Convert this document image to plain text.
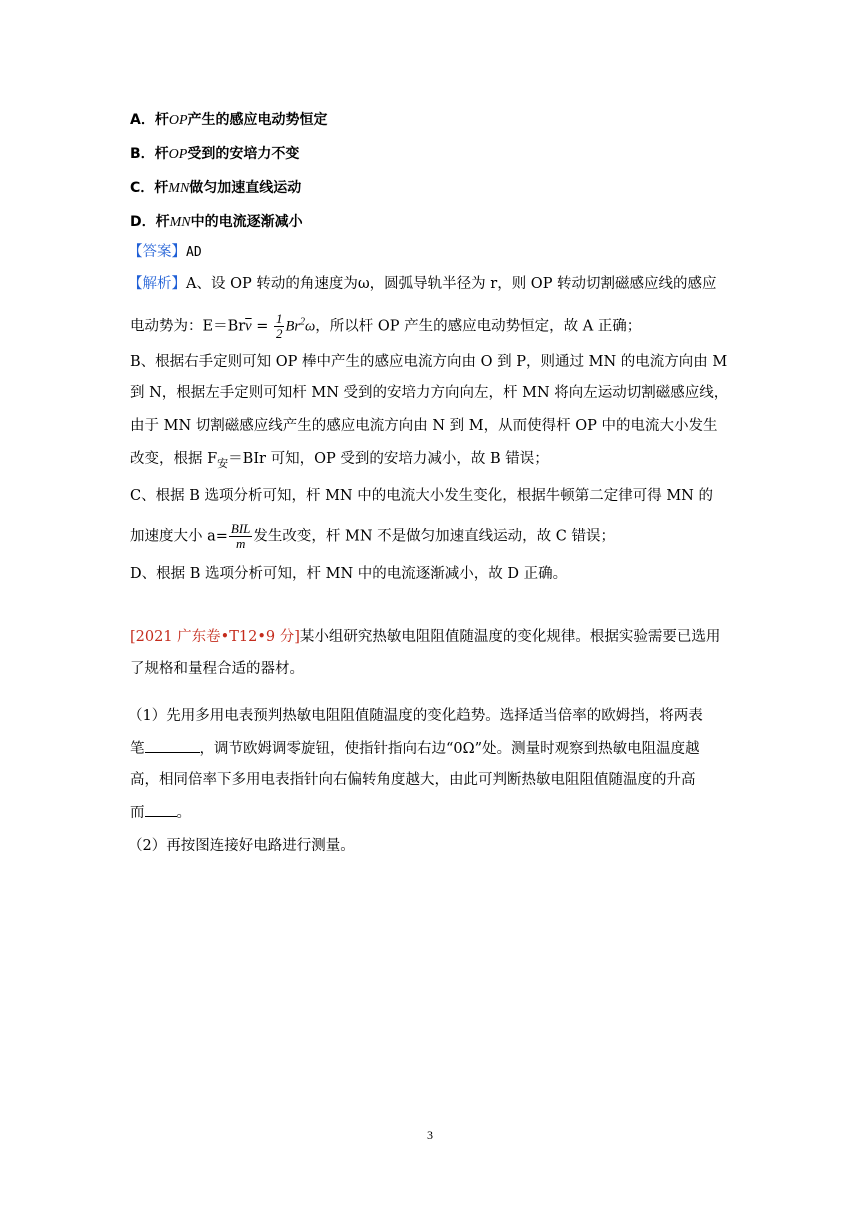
A．杆OP产生的感应电动势恒定
B．杆OP受到的安培力不变
C．杆MN做匀加速直线运动
D．杆MN中的电流逐渐减小
【答案】AD
【解析】A、设 OP 转动的角速度为ω，圆弧导轨半径为 r，则 OP 转动切割磁感应线的感应
电动势为：$E=Br\overline{v} = \frac{1}{2} Br^2\omega$，所以杆 OP 产生的感应电动势恒定，故 A 正确；
B、根据右手定则可知 OP 棒中产生的感应电流方向由 O 到 P，则通过 MN 的电流方向由 M
到 N，根据左手定则可知杆 MN 受到的安培力方向向左，杆 MN 将向左运动切割磁感应线，
由于 MN 切割磁感应线产生的感应电流方向由 N 到 M，从而使得杆 OP 中的电流大小发生
改变，根据 $F_安=BIr$ 可知，OP 受到的安培力减小，故 B 错误；
C、根据 B 选项分析可知，杆 MN 中的电流大小发生变化，根据牛顿第二定律可得 MN 的
加速度大小 $a= \frac{\text{BIL}}{m}$ 发生改变，杆 MN 不是做匀加速直线运动，故 C 错误；
D、根据 B 选项分析可知，杆 MN 中的电流逐渐减小，故 D 正确。
[2021 广东卷•T12•9 分]某小组研究热敏电阻阻值随温度的变化规律。根据实验需要已选用
了规格和量程合适的器材。
（1）先用多用电表预判热敏电阻阻值随温度的变化趋势。选择适当倍率的欧姆挡，将两表
笔	，调节欧姆调零旋钮，使指针指向右边“0Ω”处。测量时观察到热敏电阻温度越
高，相同倍率下多用电表指针向右偏转角度越大，由此可判断热敏电阻阻值随温度的升高
而 。
（2）再按图连接好电路进行测量。
3
